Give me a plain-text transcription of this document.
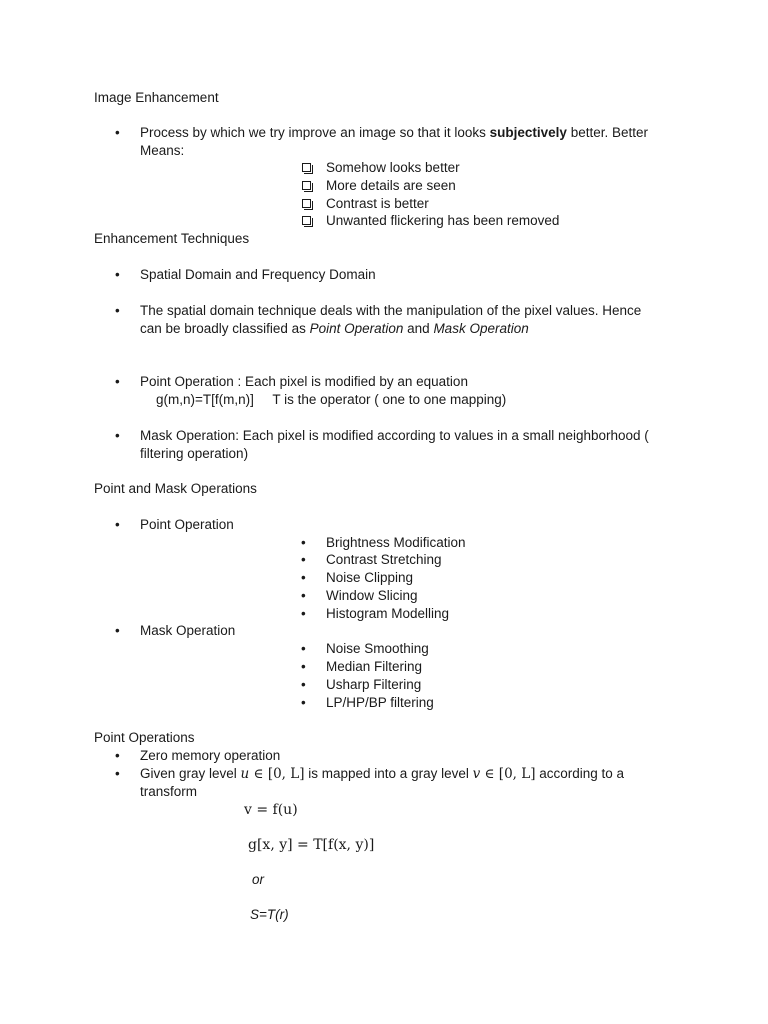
Image Enhancement
• Process by which we try improve an image so that it looks subjectively better. Better
Means:
Somehow looks better
More details are seen
Contrast is better
Unwanted flickering has been removed
Enhancement Techniques
• Spatial Domain and Frequency Domain
• The spatial domain technique deals with the manipulation of the pixel values. Hence
can be broadly classified as Point Operation and Mask Operation
• Point Operation : Each pixel is modified by an equation
g(m,n)=T[f(m,n)]     T is the operator ( one to one mapping)
• Mask Operation: Each pixel is modified according to values in a small neighborhood (
filtering operation)
Point and Mask Operations
• Point Operation
• Brightness Modification
• Contrast Stretching
• Noise Clipping
• Window Slicing
• Histogram Modelling
• Mask Operation
• Noise Smoothing
• Median Filtering
• Usharp Filtering
• LP/HP/BP filtering
Point Operations
• Zero memory operation
• Given gray level u ∈ [0, L] is mapped into a gray level v ∈ [0, L] according to a
transform
v = f(u)
g[x, y] = T[f(x, y)]
or
S=T(r)
